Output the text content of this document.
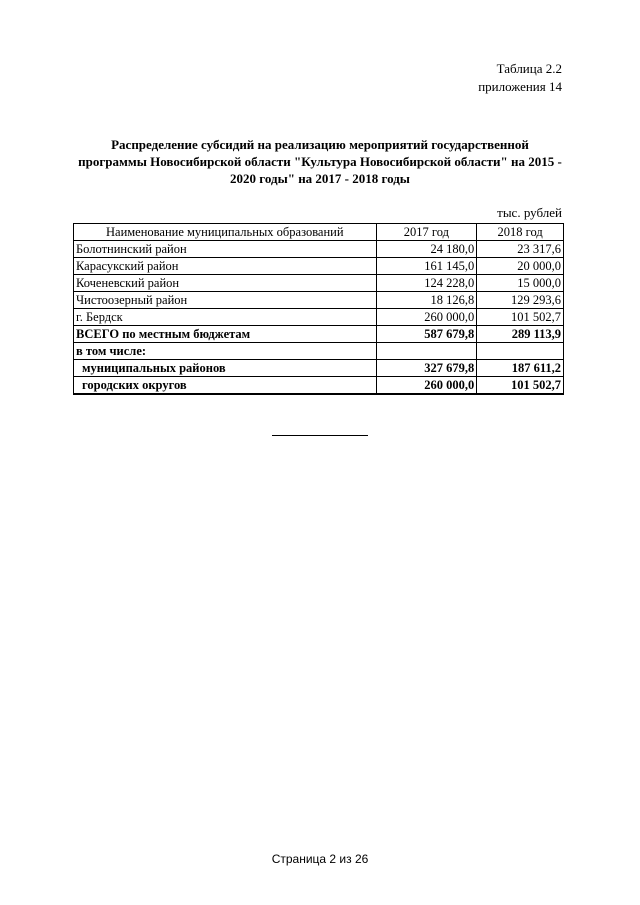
Таблица 2.2
приложения 14
Распределение субсидий на реализацию мероприятий государственной
программы Новосибирской области "Культура Новосибирской области" на 2015 -
2020 годы" на 2017 - 2018 годы
тыс. рублей
Наименование муниципальных образований	2017 год	2018 год
Болотнинский район	24 180,0	23 317,6
Карасукский район	161 145,0	20 000,0
Коченевский район	124 228,0	15 000,0
Чистоозерный район	18 126,8	129 293,6
г. Бердск	260 000,0	101 502,7
ВСЕГО по местным бюджетам	587 679,8	289 113,9
в том числе:		
муниципальных районов	327 679,8	187 611,2
городских округов	260 000,0	101 502,7
Страница 2 из 26
